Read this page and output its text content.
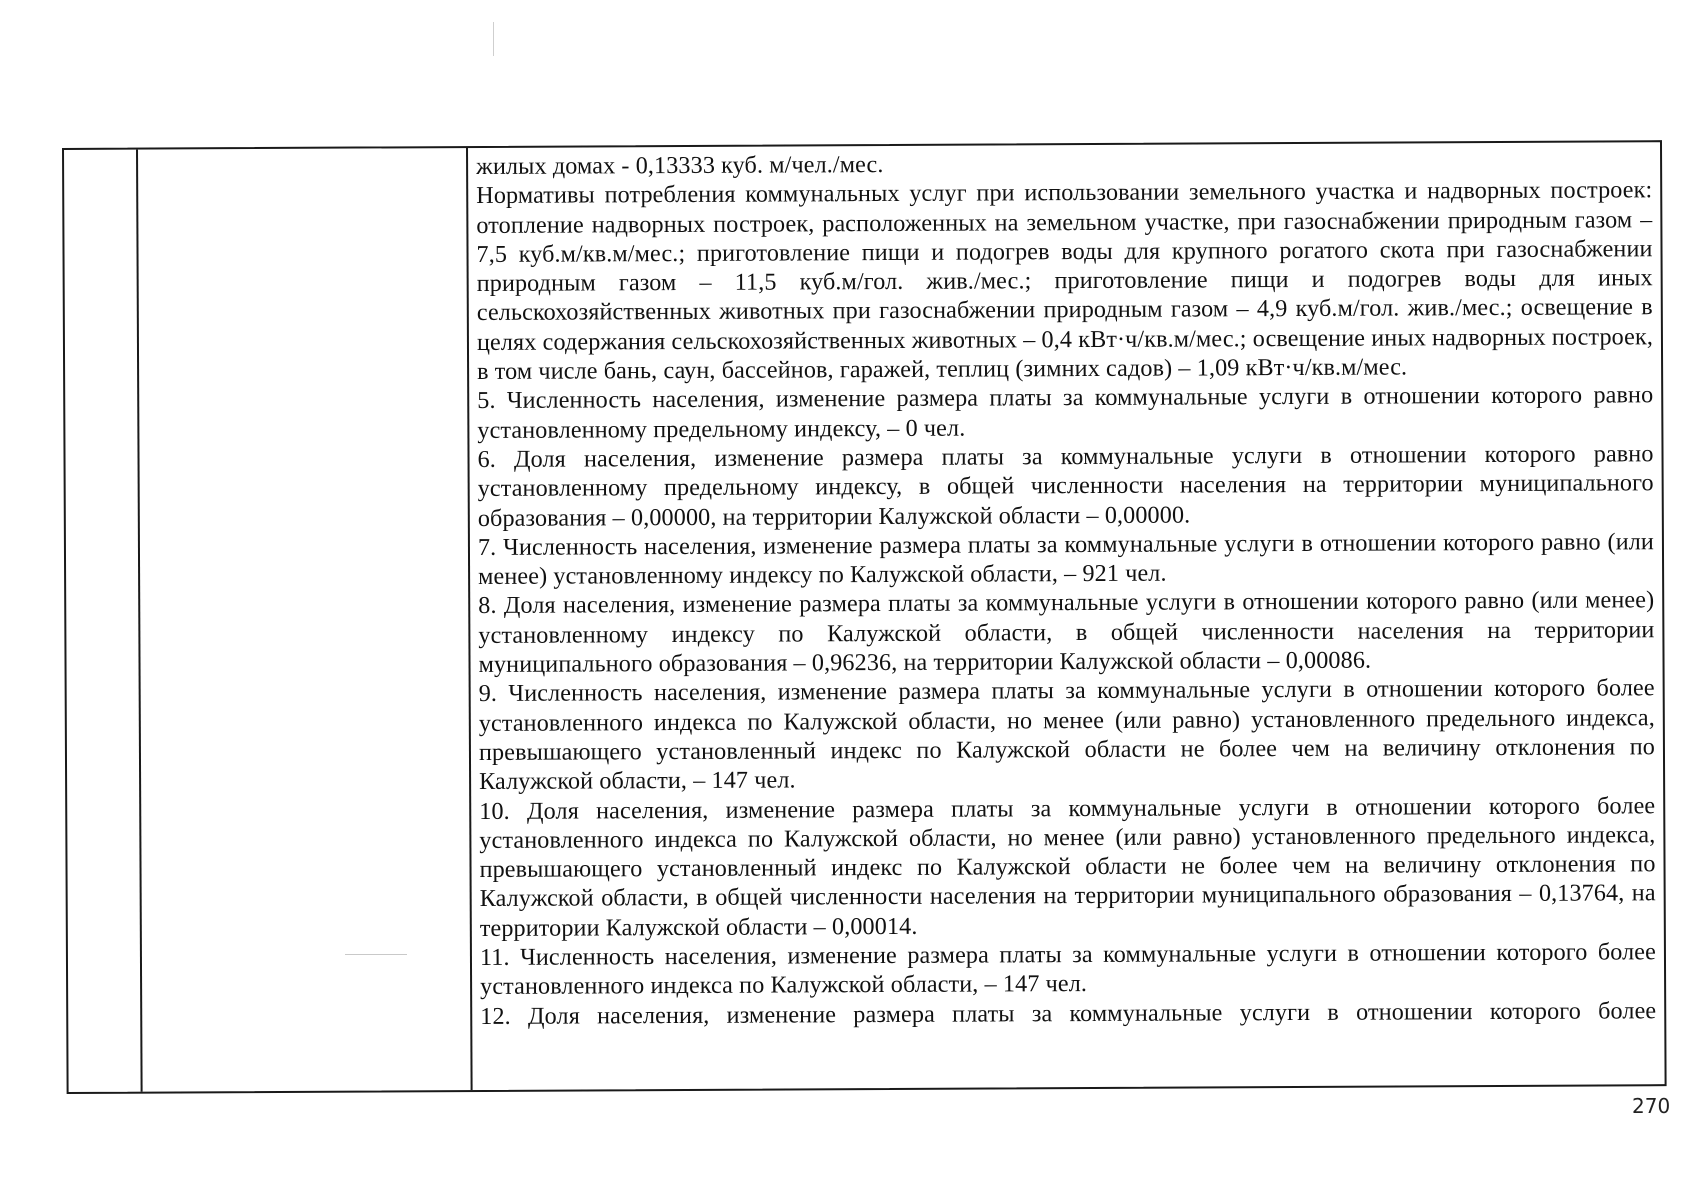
жилых домах - 0,13333 куб. м/чел./мес.

Нормативы потребления коммунальных услуг при использовании земельного участка и надворных построек: отопление надворных построек, расположенных на земельном участке, при газоснабжении природным газом – 7,5 куб.м/кв.м/мес.; приготовление пищи и подогрев воды для крупного рогатого скота при газоснабжении природным газом – 11,5 куб.м/гол. жив./мес.; приготовление пищи и подогрев воды для иных сельскохозяйственных животных при газоснабжении природным газом – 4,9 куб.м/гол. жив./мес.; освещение в целях содержания сельскохозяйственных животных – 0,4 кВт·ч/кв.м/мес.; освещение иных надворных построек, в том числе бань, саун, бассейнов, гаражей, теплиц (зимних садов) – 1,09 кВт·ч/кв.м/мес.

5. Численность населения, изменение размера платы за коммунальные услуги в отношении которого равно установленному предельному индексу, – 0 чел.

6. Доля населения, изменение размера платы за коммунальные услуги в отношении которого равно установленному предельному индексу, в общей численности населения на территории муниципального образования – 0,00000, на территории Калужской области – 0,00000.

7. Численность населения, изменение размера платы за коммунальные услуги в отношении которого равно (или менее) установленному индексу по Калужской области, – 921 чел.

8. Доля населения, изменение размера платы за коммунальные услуги в отношении которого равно (или менее) установленному индексу по Калужской области, в общей численности населения на территории муниципального образования – 0,96236, на территории Калужской области – 0,00086.

9. Численность населения, изменение размера платы за коммунальные услуги в отношении которого более установленного индекса по Калужской области, но менее (или равно) установленного предельного индекса, превышающего установленный индекс по Калужской области не более чем на величину отклонения по Калужской области, – 147 чел.

10. Доля населения, изменение размера платы за коммунальные услуги в отношении которого более установленного индекса по Калужской области, но менее (или равно) установленного предельного индекса, превышающего установленный индекс по Калужской области не более чем на величину отклонения по Калужской области, в общей численности населения на территории муниципального образования – 0,13764, на территории Калужской области – 0,00014.

11. Численность населения, изменение размера платы за коммунальные услуги в отношении которого более установленного индекса по Калужской области, – 147 чел.

12. Доля населения, изменение размера платы за коммунальные услуги в отношении которого более

270
